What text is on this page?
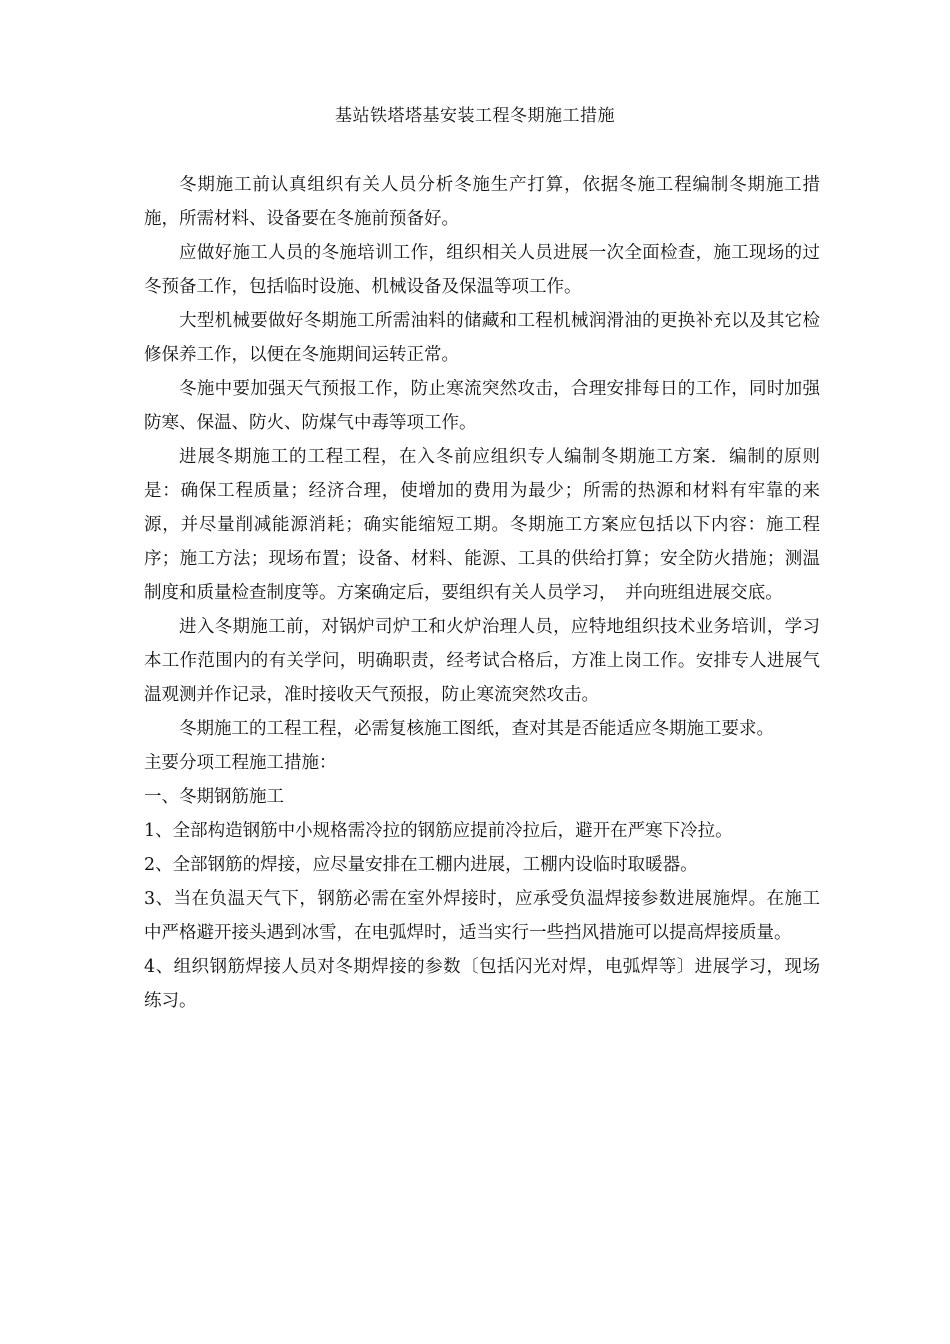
基站铁塔塔基安装工程冬期施工措施

冬期施工前认真组织有关人员分析冬施生产打算，依据冬施工程编制冬期施工措施，所需材料、设备要在冬施前预备好。

应做好施工人员的冬施培训工作，组织相关人员进展一次全面检查，施工现场的过冬预备工作，包括临时设施、机械设备及保温等项工作。

大型机械要做好冬期施工所需油料的储藏和工程机械润滑油的更换补充以及其它检修保养工作，以便在冬施期间运转正常。

冬施中要加强天气预报工作，防止寒流突然攻击，合理安排每日的工作，同时加强防寒、保温、防火、防煤气中毒等项工作。

进展冬期施工的工程工程，在入冬前应组织专人编制冬期施工方案．编制的原则是：确保工程质量；经济合理，使增加的费用为最少；所需的热源和材料有牢靠的来源，并尽量削减能源消耗；确实能缩短工期。冬期施工方案应包括以下内容：施工程序；施工方法；现场布置；设备、材料、能源、工具的供给打算；安全防火措施；测温制度和质量检查制度等。方案确定后，要组织有关人员学习，　并向班组进展交底。

进入冬期施工前，对锅炉司炉工和火炉治理人员，应特地组织技术业务培训，学习本工作范围内的有关学问，明确职责，经考试合格后，方准上岗工作。安排专人进展气温观测并作记录，准时接收天气预报，防止寒流突然攻击。

冬期施工的工程工程，必需复核施工图纸，查对其是否能适应冬期施工要求。

主要分项工程施工措施：

一、冬期钢筋施工

1、全部构造钢筋中小规格需冷拉的钢筋应提前冷拉后，避开在严寒下冷拉。

2、全部钢筋的焊接，应尽量安排在工棚内进展，工棚内设临时取暖器。

3、当在负温天气下，钢筋必需在室外焊接时，应承受负温焊接参数进展施焊。在施工中严格避开接头遇到冰雪，在电弧焊时，适当实行一些挡风措施可以提高焊接质量。

4、组织钢筋焊接人员对冬期焊接的参数〔包括闪光对焊，电弧焊等〕进展学习，现场练习。
